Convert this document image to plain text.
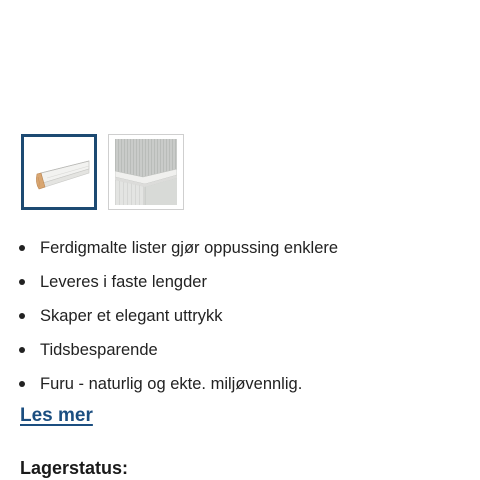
Ferdigmalte lister gjør oppussing enklere
Leveres i faste lengder
Skaper et elegant uttrykk
Tidsbesparende
Furu - naturlig og ekte. miljøvennlig.
Les mer
Lagerstatus:
